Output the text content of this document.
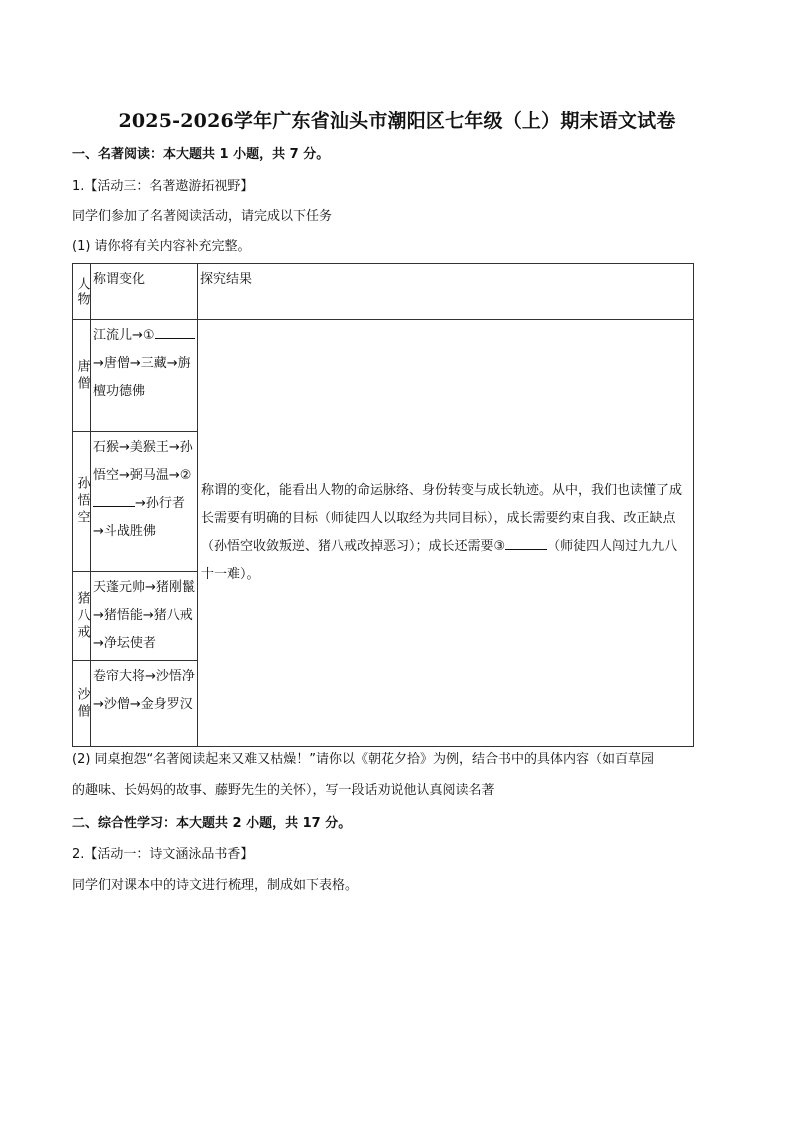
2025-2026学年广东省汕头市潮阳区七年级（上）期末语文试卷
一、名著阅读：本大题共 1 小题，共 7 分。
1.【活动三：名著遨游拓视野】
同学们参加了名著阅读活动，请完成以下任务
(1) 请你将有关内容补充完整。
人物	称谓变化	探究结果
唐僧	江流儿→①→唐僧→三藏→旃檀功德佛	称谓的变化，能看出人物的命运脉络、身份转变与成长轨迹。从中，我们也读懂了成长需要有明确的目标（师徒四人以取经为共同目标），成长需要约束自我、改正缺点（孙悟空收敛叛逆、猪八戒改掉恶习）；成长还需要③ （师徒四人闯过九九八十一难）。
孙悟空	石猴→美猴王→孙悟空→弼马温→②→孙行者→斗战胜佛	
猪八戒	天蓬元帅→猪刚鬣→猪悟能→猪八戒→净坛使者	
沙僧	卷帘大将→沙悟净→沙僧→金身罗汉	
(2) 同桌抱怨“名著阅读起来又难又枯燥！”请你以《朝花夕拾》为例，结合书中的具体内容（如百草园
的趣味、长妈妈的故事、藤野先生的关怀），写一段话劝说他认真阅读名著
二、综合性学习：本大题共 2 小题，共 17 分。
2.【活动一：诗文涵泳品书香】
同学们对课本中的诗文进行梳理，制成如下表格。
